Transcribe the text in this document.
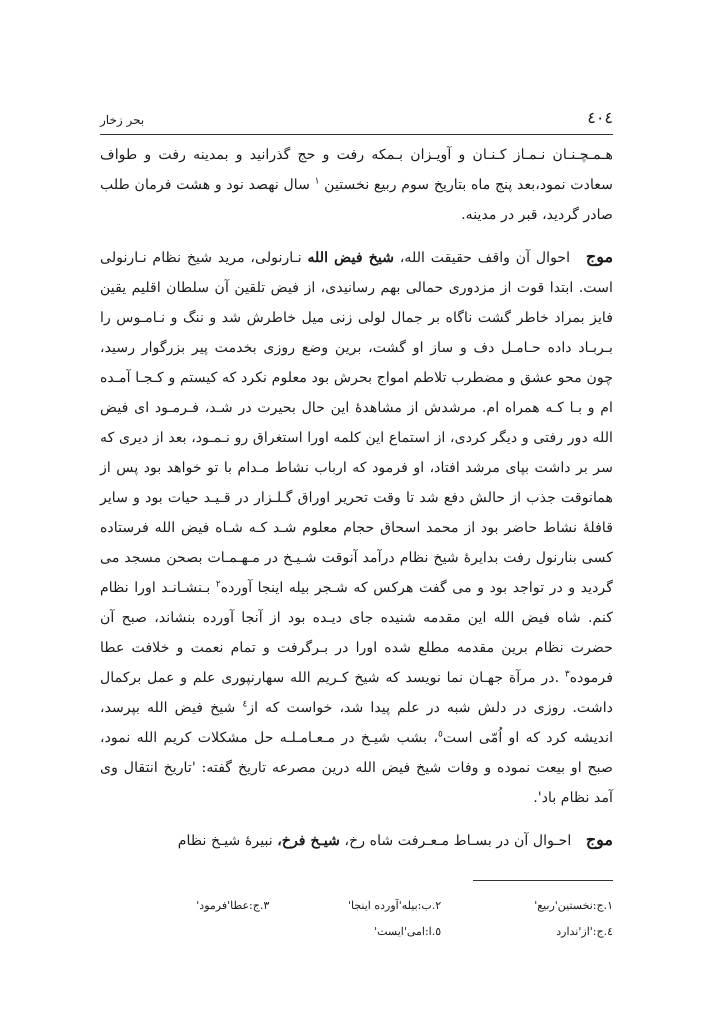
٤٠٤
بحر زخار

هـمـچـنـان نـمـاز کـنـان و آویـزان بـمکه رفت و حج گذرانید و بمدینه رفت و طواف سعادت نمود،بعد پنج ماه بتاریخ سوم ربیع نخستین $^١$ سال نهصد نود و هشت فرمان طلب صادر گردید، قبر در مدینه.

موج احوال آن واقف حقیقت الله، شیخ فیض الله نـارنولی، مرید شیخ نظام نـارنولی است. ابتدا قوت از مزدوری حمالی بهم رسانیدی، از فیض تلقین آن سلطان اقلیم یقین فایز بمراد خاطر گشت ناگاه بر جمال لولی زنی میل خاطرش شد و ننگ و نـامـوس را بـربـاد داده حـامـل دف و ساز او گشت، برین وضع روزی بخدمت پیر بزرگوار رسید، چون محو عشق و مضطرب تلاطم امواج بحرش بود معلوم نکرد که کیستم و کـجـا آمـده ام و بـا کـه همراه ام. مرشدش از مشاهدهٔ این حال بحیرت در شـد، فـرمـود ای فیض الله دور رفتی و دیگر کردی، از استماع این کلمه اورا استغراق رو نـمـود، بعد از دیری که سر بر داشت بپای مرشد افتاد، او فرمود که ارباب نشاط مـدام با تو خواهد بود پس از همانوقت جذب از حالش دفع شد تا وقت تحریر اوراق گـلـزار در قـیـد حیات بود و سایر قافلهٔ نشاط حاضر بود از محمد اسحاق حجام معلوم شـد کـه شـاه فیض الله فرستاده کسی بنارنول رفت بدایرهٔ شیخ نظام درآمد آنوقت شـیـخ در مـهـمـات بصحن مسجد می گردید و در تواجد بود و می گفت هرکس که شـجر بیله اینجا آورده$^٢$ بـنشـانـد اورا نظام کنم. شاه فیض الله این مقدمه شنیده جای دیـده بود از آنجا آورده بنشاند، صبح آن حضرت نظام برین مقدمه مطلع شده اورا در بـرگرفت و تمام نعمت و خلافت عطا فرموده$^٣$ .در مرآة جهـان نما نویسد که شیخ کـریم الله سهارنپوری علم و عمل برکمال داشت. روزی در دلش شبه در علم پیدا شد، خواست که از$^٤$ شیخ فیض الله بپرسد، اندیشه کرد که او اُمّی است$^٥$، بشب شیـخ در مـعـامـلـه حل مشکلات کریم الله نمود، صبح او بیعت نموده و وفات شیخ فیض الله درین مصرعه تاریخ گفته: 'تاریخ انتقال وی آمد نظام باد'.

موج احـوال آن در بسـاط مـعـرفت شاه رخ، شیـخ فرخ، نبیرهٔ شیـخ نظام

١.ج:نخستین'ربیع'
٢.ب:بیله'آورده اینجا'
٣.ج:عطا'فرمود'
٤.ج:'از'ندارد
٥.ا:امی'ایست'
